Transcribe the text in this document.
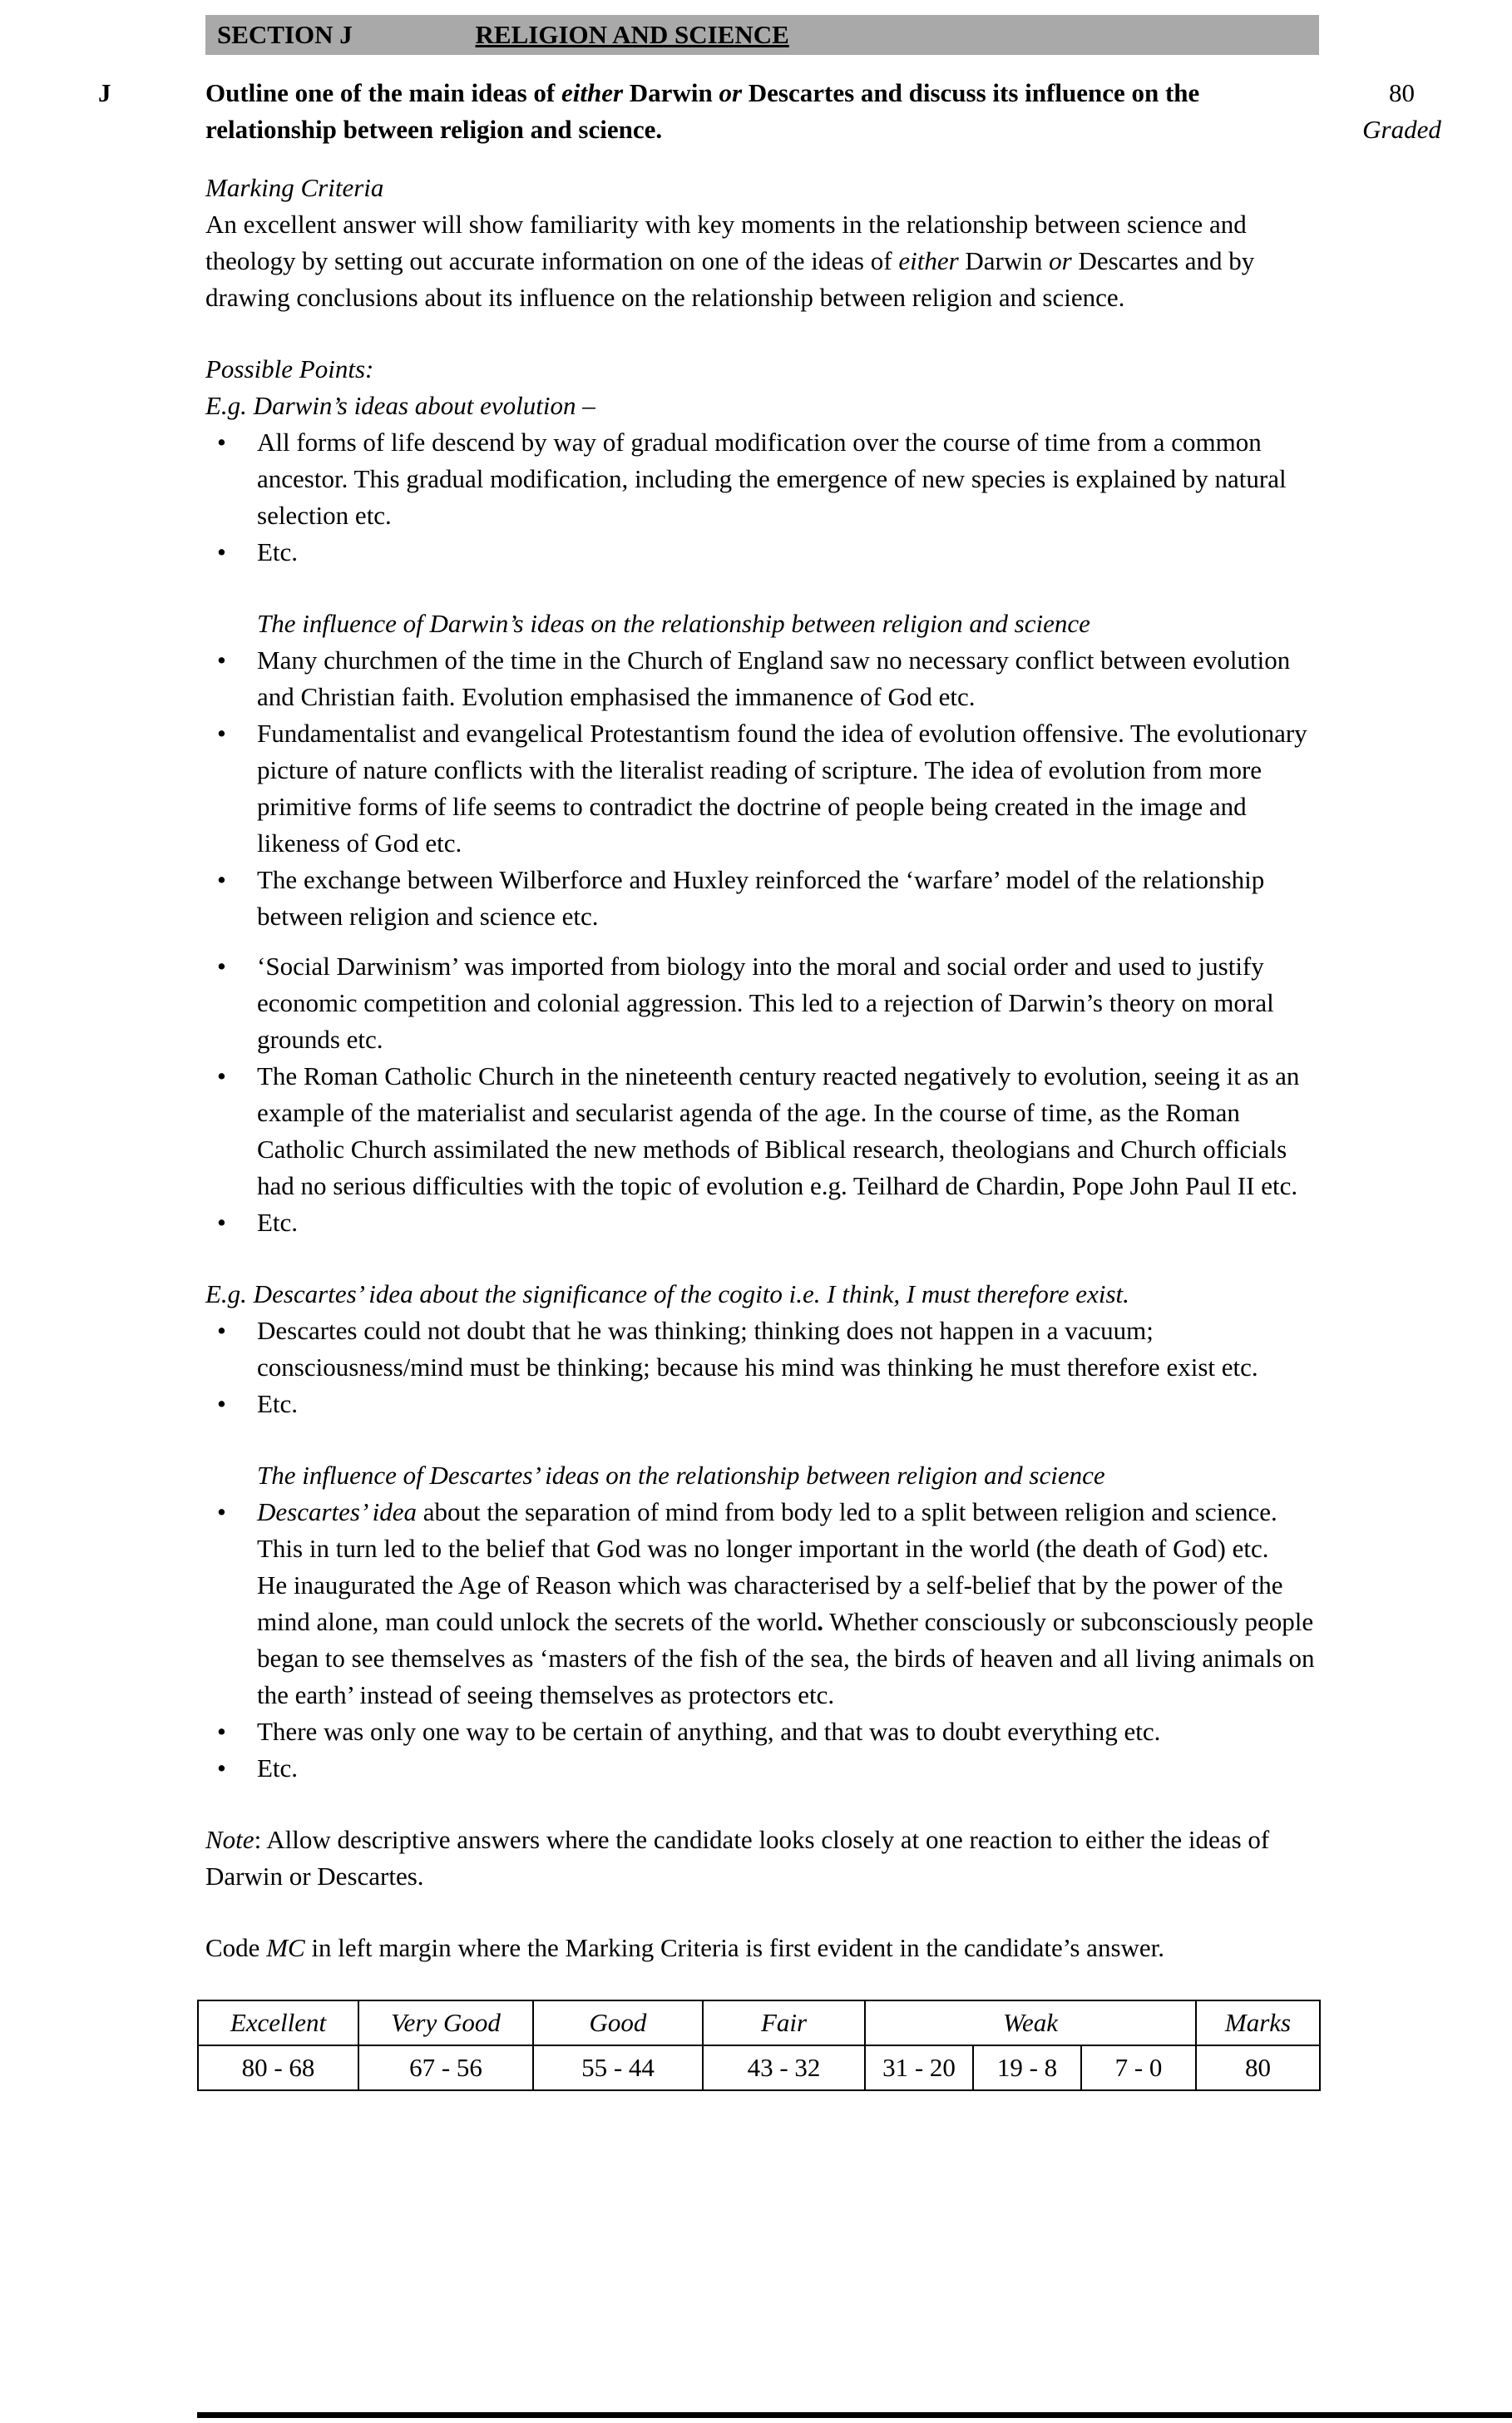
J	80
Graded
SECTION J	RELIGION AND SCIENCE

Outline one of the main ideas of either Darwin or Descartes and discuss its influence on the relationship between religion and science.

Marking Criteria

An excellent answer will show familiarity with key moments in the relationship between science and theology by setting out accurate information on one of the ideas of either Darwin or Descartes and by drawing conclusions about its influence on the relationship between religion and science.

Possible Points:

E.g. Darwin’s ideas about evolution –

• All forms of life descend by way of gradual modification over the course of time from a common ancestor. This gradual modification, including the emergence of new species is explained by natural selection etc.
• Etc.

The influence of Darwin’s ideas on the relationship between religion and science

• Many churchmen of the time in the Church of England saw no necessary conflict between evolution and Christian faith. Evolution emphasised the immanence of God etc.
• Fundamentalist and evangelical Protestantism found the idea of evolution offensive. The evolutionary picture of nature conflicts with the literalist reading of scripture. The idea of evolution from more primitive forms of life seems to contradict the doctrine of people being created in the image and likeness of God etc.
• The exchange between Wilberforce and Huxley reinforced the ‘warfare’ model of the relationship between religion and science etc.
• ‘Social Darwinism’ was imported from biology into the moral and social order and used to justify economic competition and colonial aggression. This led to a rejection of Darwin’s theory on moral grounds etc.
• The Roman Catholic Church in the nineteenth century reacted negatively to evolution, seeing it as an example of the materialist and secularist agenda of the age. In the course of time, as the Roman Catholic Church assimilated the new methods of Biblical research, theologians and Church officials had no serious difficulties with the topic of evolution e.g. Teilhard de Chardin, Pope John Paul II etc.
• Etc.

E.g. Descartes’ idea about the significance of the cogito i.e. I think, I must therefore exist.

• Descartes could not doubt that he was thinking; thinking does not happen in a vacuum; consciousness/mind must be thinking; because his mind was thinking he must therefore exist etc.
• Etc.

The influence of Descartes’ ideas on the relationship between religion and science

• Descartes’ idea about the separation of mind from body led to a split between religion and science. This in turn led to the belief that God was no longer important in the world (the death of God) etc.
He inaugurated the Age of Reason which was characterised by a self-belief that by the power of the mind alone, man could unlock the secrets of the world. Whether consciously or subconsciously people began to see themselves as ‘masters of the fish of the sea, the birds of heaven and all living animals on the earth’ instead of seeing themselves as protectors etc.
• There was only one way to be certain of anything, and that was to doubt everything etc.
• Etc.

Note: Allow descriptive answers where the candidate looks closely at one reaction to either the ideas of Darwin or Descartes.

Code MC in left margin where the Marking Criteria is first evident in the candidate’s answer.

Excellent	Very Good	Good	Fair	Weak			Marks
80 - 68	67 - 56	55 - 44	43 - 32	31 - 20	19 - 8	7 - 0	80
